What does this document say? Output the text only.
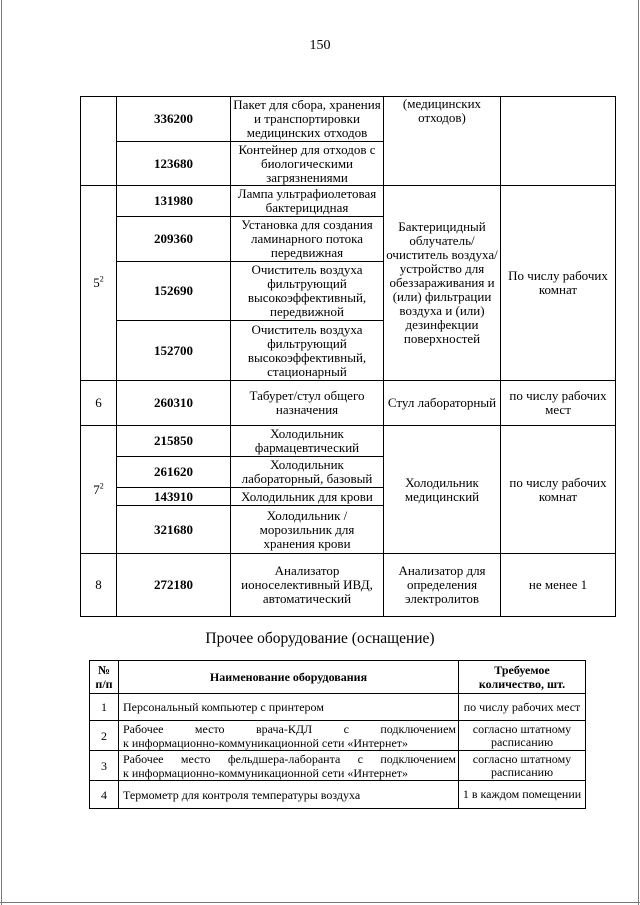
150
	336200	Пакет для сбора, хранения и транспортировки медицинских отходов	(медицинских отходов)	
	123680	Контейнер для отходов с биологическими загрязнениями		
$5^2$	131980	Лампа ультрафиолетовая бактерицидная	Бактерицидный облучатель/ очиститель воздуха/ устройство для обеззараживания и (или) фильтрации воздуха и (или) дезинфекции поверхностей	По числу рабочих комнат
	209360	Установка для создания ламинарного потока передвижная		
	152690	Очиститель воздуха фильтрующий высокоэффективный, передвижной		
	152700	Очиститель воздуха фильтрующий высокоэффективный, стационарный		
6	260310	Табурет/стул общего назначения	Стул лабораторный	по числу рабочих мест
$7^2$	215850	Холодильник фармацевтический	Холодильник медицинский	по числу рабочих комнат
	261620	Холодильник лабораторный, базовый		
	143910	Холодильник для крови		
	321680	Холодильник /морозильник для хранения крови		
8	272180	Анализатор ионоселективный ИВД, автоматический	Анализатор для определения электролитов	не менее 1
Прочее оборудование (оснащение)
№ п/п	Наименование оборудования	Требуемое количество, шт.
1	Персональный компьютер с принтером	по числу рабочих мест
2	Рабочее место врача-КДЛ с подключением
к информационно-коммуникационной сети «Интернет»	согласно штатному расписанию
3	Рабочее место фельдшера-лаборанта с подключением
к информационно-коммуникационной сети «Интернет»	согласно штатному расписанию
4	Термометр для контроля температуры воздуха	1 в каждом помещении
